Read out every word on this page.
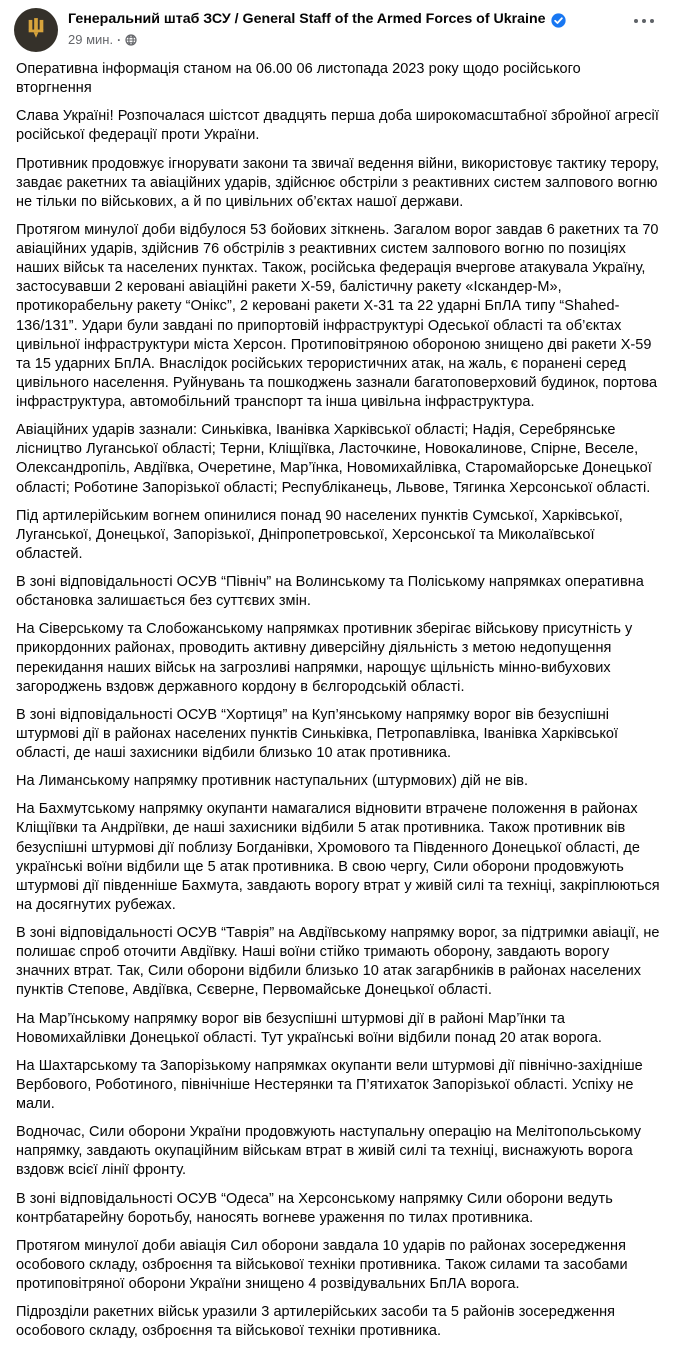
Генеральний штаб ЗСУ / General Staff of the Armed Forces of Ukraine
29 мин. ·

Оперативна інформація станом на 06.00 06 листопада 2023 року щодо російського вторгнення

Слава Україні! Розпочалася шістсот двадцять перша доба широкомасштабної збройної агресії російської федерації проти України.

Противник продовжує ігнорувати закони та звичаї ведення війни, використовує тактику терору, завдає ракетних та авіаційних ударів, здійснює обстріли з реактивних систем залпового вогню не тільки по військових, а й по цивільних об’єктах нашої держави.

Протягом минулої доби відбулося 53 бойових зіткнень. Загалом ворог завдав 6 ракетних та 70 авіаційних ударів, здійснив 76 обстрілів з реактивних систем залпового вогню по позиціях наших військ та населених пунктах. Також, російська федерація вчергове атакувала Україну, застосувавши 2 керовані авіаційні ракети Х-59, балістичну ракету «Іскандер-М», протикорабельну ракету “Онікс”, 2 керовані ракети Х-31 та 22 ударні БпЛА типу “Shahed-136/131”. Удари були завдані по припортовій інфраструктурі Одеської області та об’єктах цивільної інфраструктури міста Херсон. Протиповітряною обороною знищено дві ракети Х-59 та 15 ударних БпЛА. Внаслідок російських терористичних атак, на жаль, є поранені серед цивільного населення. Руйнувань та пошкоджень зазнали багатоповерховий будинок, портова інфраструктура, автомобільний транспорт та інша цивільна інфраструктура.

Авіаційних ударів зазнали: Синьківка, Іванівка Харківської області; Надія, Серебрянське лісництво Луганської області; Терни, Кліщіївка, Ласточкине, Новокалинове, Спірне, Веселе, Олександропіль, Авдіївка, Очеретине, Мар’їнка, Новомихайлівка, Старомайорське Донецької області; Роботине Запорізької області; Республіканець, Львове, Тягинка Херсонської області.

Під артилерійським вогнем опинилися понад 90 населених пунктів Сумської, Харківської, Луганської, Донецької, Запорізької, Дніпропетровської, Херсонської та Миколаївської областей.

В зоні відповідальності ОСУВ “Північ” на Волинському та Поліському напрямках оперативна обстановка залишається без суттєвих змін.

На Сіверському та Слобожанському напрямках противник зберігає військову присутність у прикордонних районах, проводить активну диверсійну діяльність з метою недопущення перекидання наших військ на загрозливі напрямки, нарощує щільність мінно-вибухових загороджень вздовж державного кордону в бєлгородській області.

В зоні відповідальності ОСУВ “Хортиця” на Куп’янському напрямку ворог вів безуспішні штурмові дії в районах населених пунктів Синьківка, Петропавлівка, Іванівка Харківської області, де наші захисники відбили близько 10 атак противника.

На Лиманському напрямку противник наступальних (штурмових) дій не вів.

На Бахмутському напрямку окупанти намагалися відновити втрачене положення в районах Кліщіївки та Андріївки, де наші захисники відбили 5 атак противника. Також противник вів безуспішні штурмові дії поблизу Богданівки, Хромового та Південного Донецької області, де українські воїни відбили ще 5 атак противника. В свою чергу, Сили оборони продовжують штурмові дії південніше Бахмута, завдають ворогу втрат у живій силі та техніці, закріплюються на досягнутих рубежах.

В зоні відповідальності ОСУВ “Таврія” на Авдіївському напрямку ворог, за підтримки авіації, не полишає спроб оточити Авдіївку. Наші воїни стійко тримають оборону, завдають ворогу значних втрат. Так, Сили оборони відбили близько 10 атак загарбників в районах населених пунктів Степове, Авдіївка, Сєверне, Первомайське Донецької області.

На Мар’їнському напрямку ворог вів безуспішні штурмові дії в районі Мар’їнки та Новомихайлівки Донецької області. Тут українські воїни відбили понад 20 атак ворога.

На Шахтарському та Запорізькому напрямках окупанти вели штурмові дії північно-західніше Вербового, Роботиного, північніше Нестерянки та П’ятихаток Запорізької області. Успіху не мали.

Водночас, Сили оборони України продовжують наступальну операцію на Мелітопольському напрямку, завдають окупаційним військам втрат в живій силі та техніці, виснажують ворога вздовж всієї лінії фронту.

В зоні відповідальності ОСУВ “Одеса” на Херсонському напрямку Сили оборони ведуть контрбатарейну боротьбу, наносять вогневе ураження по тилах противника.

Протягом минулої доби авіація Сил оборони завдала 10 ударів по районах зосередження особового складу, озброєння та військової техніки противника. Також силами та засобами протиповітряної оборони України знищено 4 розвідувальних БпЛА ворога.

Підрозділи ракетних військ уразили 3 артилерійських засоби та 5 районів зосередження особового складу, озброєння та військової техніки противника.
